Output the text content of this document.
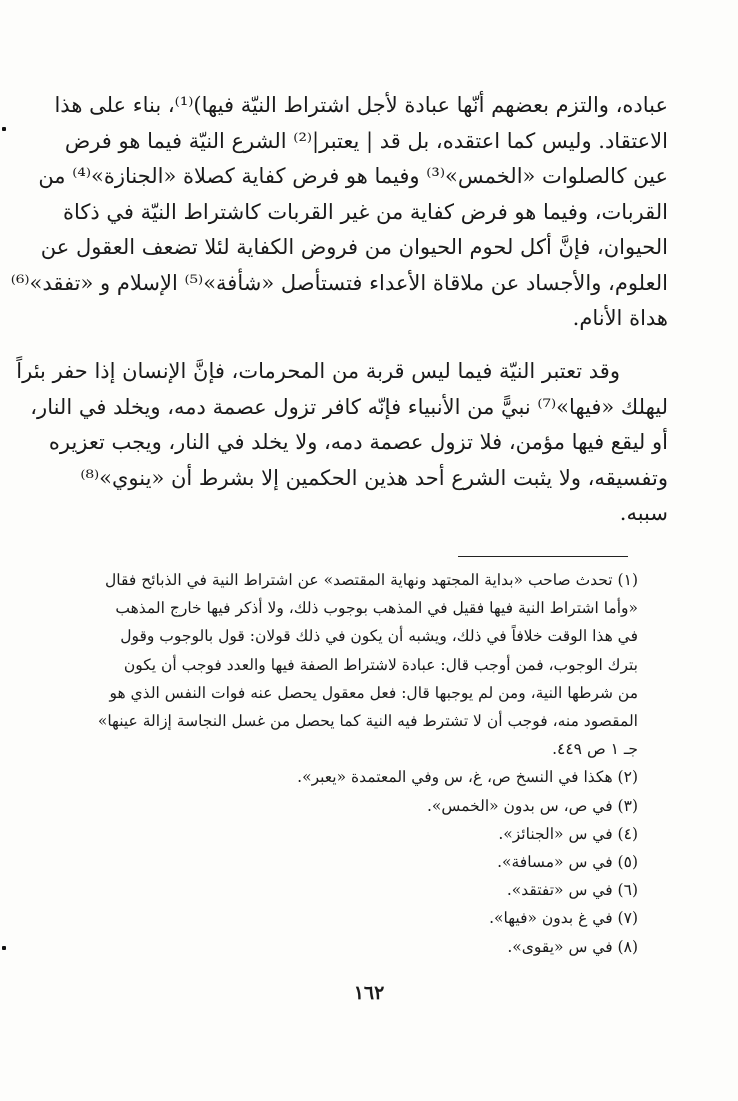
عباده، والتزم بعضهم أنّها عبادة لأجل اشتراط النيّة فيها)⁽¹⁾، بناء على هذا
الاعتقاد. وليس كما اعتقده، بل قد | يعتبر|⁽²⁾ الشرع النيّة فيما هو فرض
عين كالصلوات «الخمس»⁽³⁾ وفيما هو فرض كفاية كصلاة «الجنازة»⁽⁴⁾ من
القربات، وفيما هو فرض كفاية من غير القربات كاشتراط النيّة في ذكاة
الحيوان، فإنَّ أكل لحوم الحيوان من فروض الكفاية لئلا تضعف العقول عن
العلوم، والأجساد عن ملاقاة الأعداء فتستأصل «شأفة»⁽⁵⁾ الإسلام و «تفقد»⁽⁶⁾
هداة الأنام.
وقد تعتبر النيّة فيما ليس قربة من المحرمات، فإنَّ الإنسان إذا حفر بئراً
ليهلك «فيها»⁽⁷⁾ نبيًّ من الأنبياء فإنّه كافر تزول عصمة دمه، ويخلد في النار،
أو ليقع فيها مؤمن، فلا تزول عصمة دمه، ولا يخلد في النار، ويجب تعزيره
وتفسيقه، ولا يثبت الشرع أحد هذين الحكمين إلا بشرط أن «ينوي»⁽⁸⁾
سببه.
(١) تحدث صاحب «بداية المجتهد ونهاية المقتصد» عن اشتراط النية في الذبائح فقال
«وأما اشتراط النية فيها فقيل في المذهب بوجوب ذلك، ولا أذكر فيها خارج المذهب
في هذا الوقت خلافاً في ذلك، ويشبه أن يكون في ذلك قولان: قول بالوجوب وقول
بترك الوجوب، فمن أوجب قال: عبادة لاشتراط الصفة فيها والعدد فوجب أن يكون
من شرطها النية، ومن لم يوجبها قال: فعل معقول يحصل عنه فوات النفس الذي هو
المقصود منه، فوجب أن لا تشترط فيه النية كما يحصل من غسل النجاسة إزالة عينها»
جـ ١ ص ٤٤٩.
(٢) هكذا في النسخ ص، غ، س وفي المعتمدة «يعبر».
(٣) في ص، س بدون «الخمس».
(٤) في س «الجنائز».
(٥) في س «مسافة».
(٦) في س «تفتقد».
(٧) في غ بدون «فيها».
(٨) في س «يقوى».
١٦٢
